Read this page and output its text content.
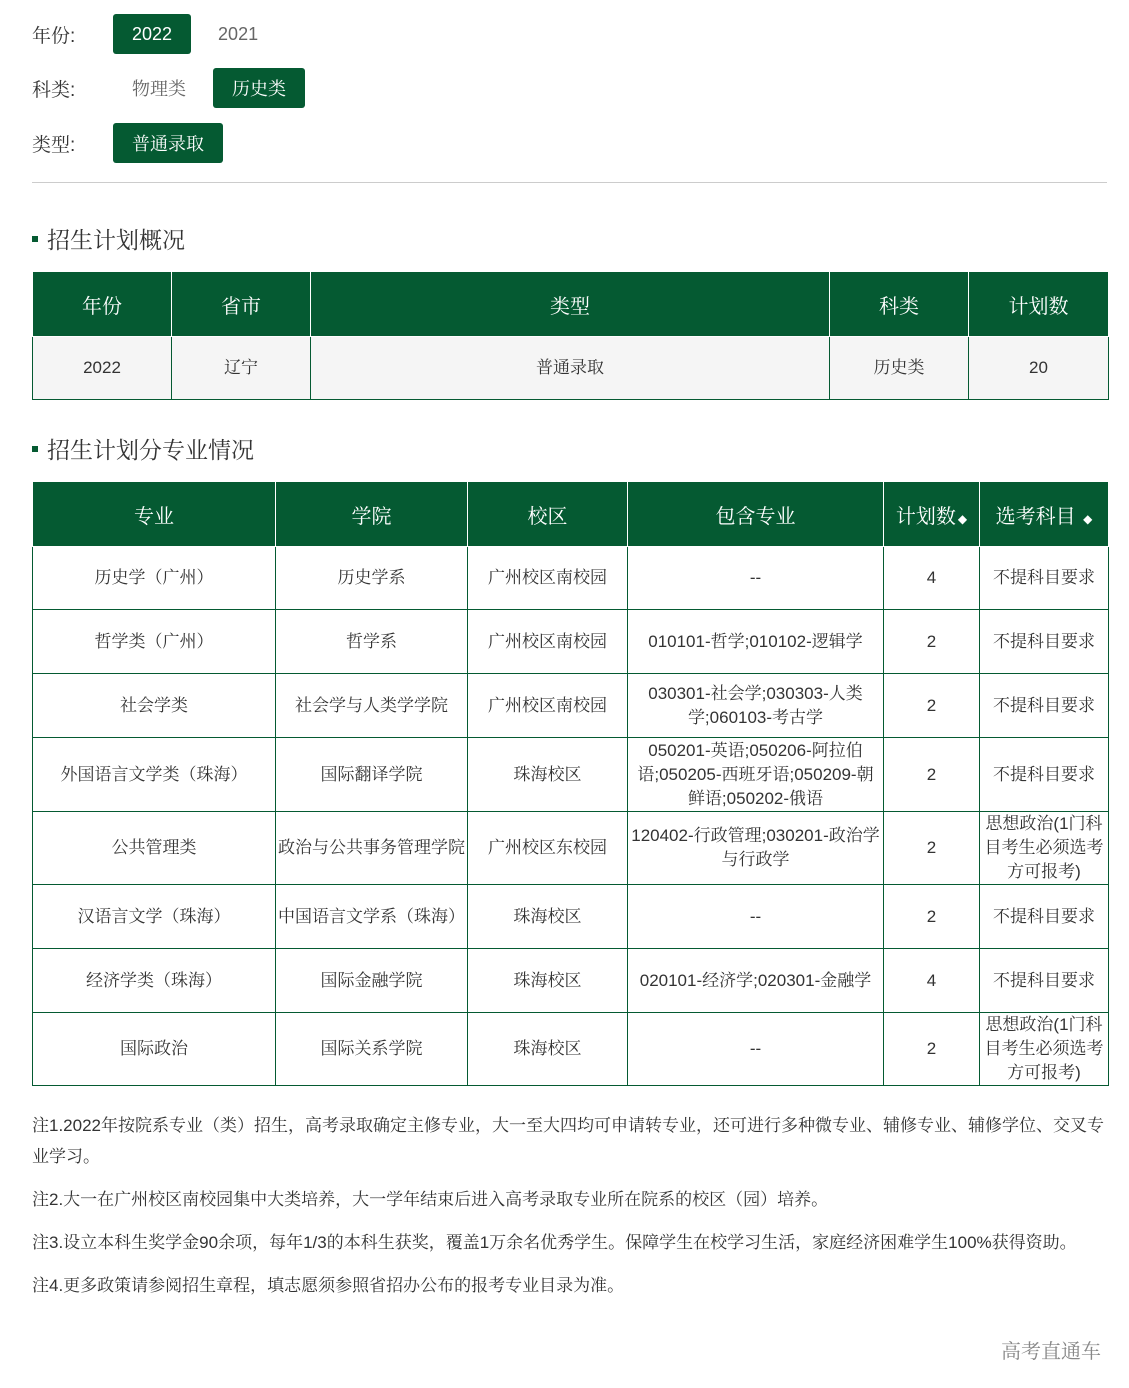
年份:	2022	2021
科类:	物理类	历史类
类型:	普通录取
招生计划概况
年份	省市	类型	科类	计划数
2022	辽宁	普通录取	历史类	20
招生计划分专业情况
专业	学院	校区	包含专业	计划数 ◆	选考科目 ◆
历史学（广州）	历史学系	广州校区南校园	--	4	不提科目要求
哲学类（广州）	哲学系	广州校区南校园	010101-哲学;010102-逻辑学	2	不提科目要求
社会学类	社会学与人类学学院	广州校区南校园	030301-社会学;030303-人类学;060103-考古学	2	不提科目要求
外国语言文学类（珠海）	国际翻译学院	珠海校区	050201-英语;050206-阿拉伯语;050205-西班牙语;050209-朝鲜语;050202-俄语	2	不提科目要求
公共管理类	政治与公共事务管理学院	广州校区东校园	120402-行政管理;030201-政治学与行政学	2	思想政治(1门科目考生必须选考方可报考)
汉语言文学（珠海）	中国语言文学系（珠海）	珠海校区	--	2	不提科目要求
经济学类（珠海）	国际金融学院	珠海校区	020101-经济学;020301-金融学	4	不提科目要求
国际政治	国际关系学院	珠海校区	--	2	思想政治(1门科目考生必须选考方可报考)

注1.2022年按院系专业（类）招生，高考录取确定主修专业，大一至大四均可申请转专业，还可进行多种微专业、辅修专业、辅修学位、交叉专业学习。

注2.大一在广州校区南校园集中大类培养，大一学年结束后进入高考录取专业所在院系的校区（园）培养。

注3.设立本科生奖学金90余项，每年1/3的本科生获奖，覆盖1万余名优秀学生。保障学生在校学习生活，家庭经济困难学生100%获得资助。

注4.更多政策请参阅招生章程，填志愿须参照省招办公布的报考专业目录为准。

高考直通车
